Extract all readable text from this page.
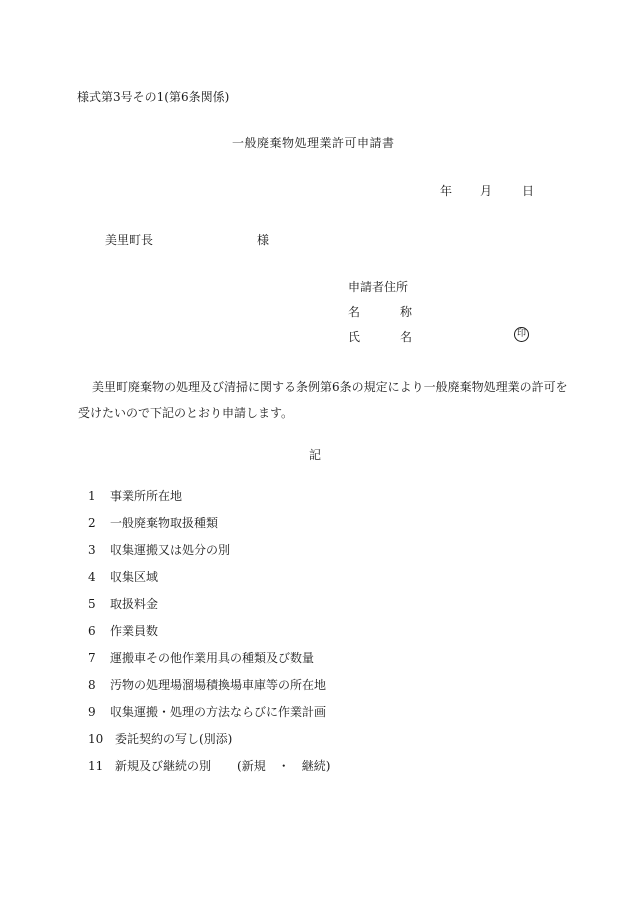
様式第3号その1(第6条関係)
一般廃棄物処理業許可申請書
年 月 日
美里町長	様
申請者住所
名	称
氏	名	印
美里町廃棄物の処理及び清掃に関する条例第6条の規定により一般廃棄物処理業の許可を受けたいので下記のとおり申請します。
記
1 事業所所在地
2 一般廃棄物取扱種類
3 収集運搬又は処分の別
4 収集区域
5 取扱料金
6 作業員数
7 運搬車その他作業用具の種類及び数量
8 汚物の処理場溜場積換場車庫等の所在地
9 収集運搬・処理の方法ならびに作業計画
10 委託契約の写し(別添)
11 新規及び継続の別 (新規　・　継続)
